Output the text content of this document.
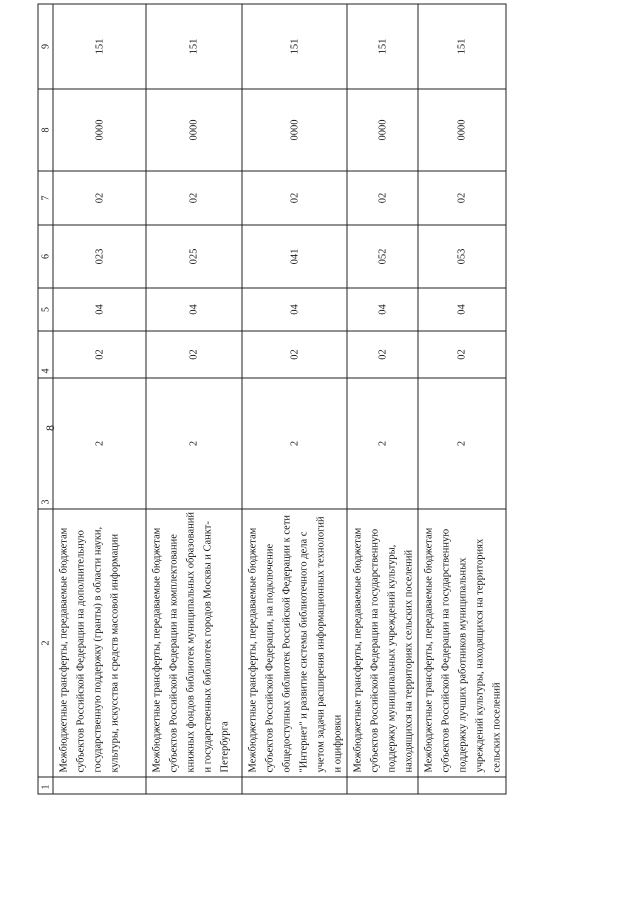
8
1	2	3	4	5	6	7	8	9
	Межбюджетные трансферты, передаваемые бюджетам субъектов Российской Федерации на дополнительную государственную поддержку (гранты) в области науки, культуры, искусства и средств массовой информации	2	02	04	023	02	0000	151
	Межбюджетные трансферты, передаваемые бюджетам субъектов Российской Федерации на комплектование книжных фондов библиотек муниципальных образований и государственных библиотек городов Москвы и Санкт-Петербурга	2	02	04	025	02	0000	151
	Межбюджетные трансферты, передаваемые бюджетам субъектов Российской Федерации, на подключение общедоступных библиотек Российской Федерации к сети "Интернет" и развитие системы библиотечного дела с учетом задачи расширения информационных технологий и оцифровки	2	02	04	041	02	0000	151
	Межбюджетные трансферты, передаваемые бюджетам субъектов Российской Федерации на государственную поддержку муниципальных учреждений культуры, находящихся на территориях сельских поселений	2	02	04	052	02	0000	151
	Межбюджетные трансферты, передаваемые бюджетам субъектов Российской Федерации на государственную поддержку лучших работников муниципальных учреждений культуры, находящихся на территориях сельских поселений	2	02	04	053	02	0000	151
